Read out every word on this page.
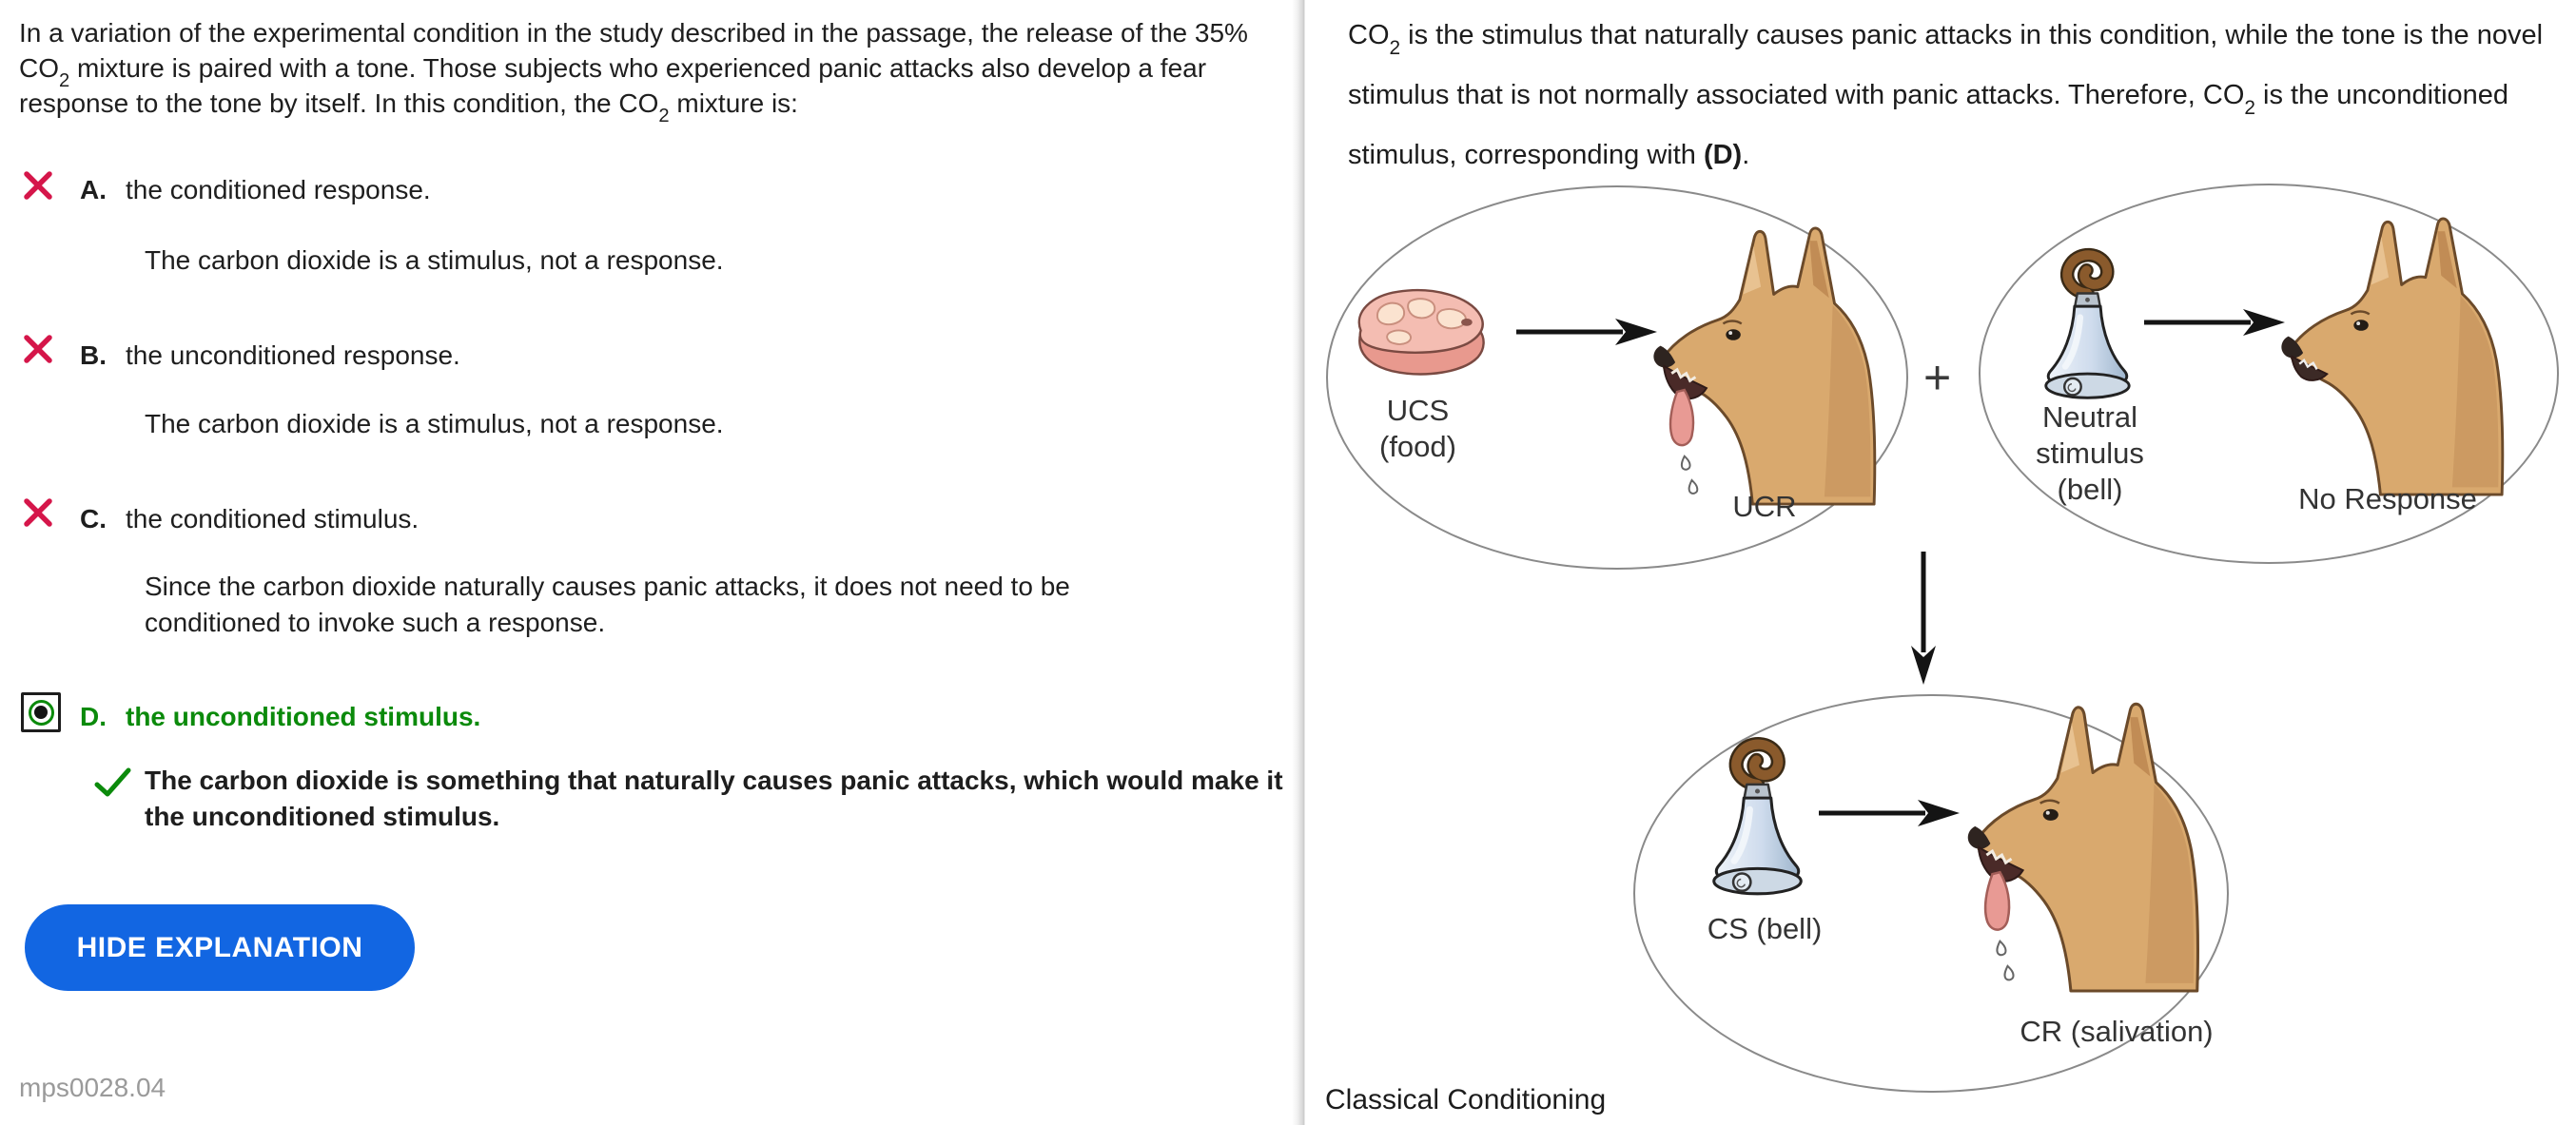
In a variation of the experimental condition in the study described in the passage, the release of the 35% $CO_2$ mixture is paired with a tone. Those subjects who experienced panic attacks also develop a fear response to the tone by itself. In this condition, the $CO_2$ mixture is:
A. the conditioned response.
The carbon dioxide is a stimulus, not a response.
B. the unconditioned response.
The carbon dioxide is a stimulus, not a response.
C. the conditioned stimulus.
Since the carbon dioxide naturally causes panic attacks, it does not need to be conditioned to invoke such a response.
D. the unconditioned stimulus.
The carbon dioxide is something that naturally causes panic attacks, which would make it the unconditioned stimulus.
HIDE EXPLANATION
mps0028.04
$CO_2$ is the stimulus that naturally causes panic attacks in this condition, while the tone is the novel stimulus that is not normally associated with panic attacks. Therefore, $CO_2$ is the unconditioned stimulus, corresponding with (D).
UCS
(food)
UCR
+
Neutral
stimulus
(bell)	No Response
CS (bell)
CR (salivation)
Classical Conditioning
